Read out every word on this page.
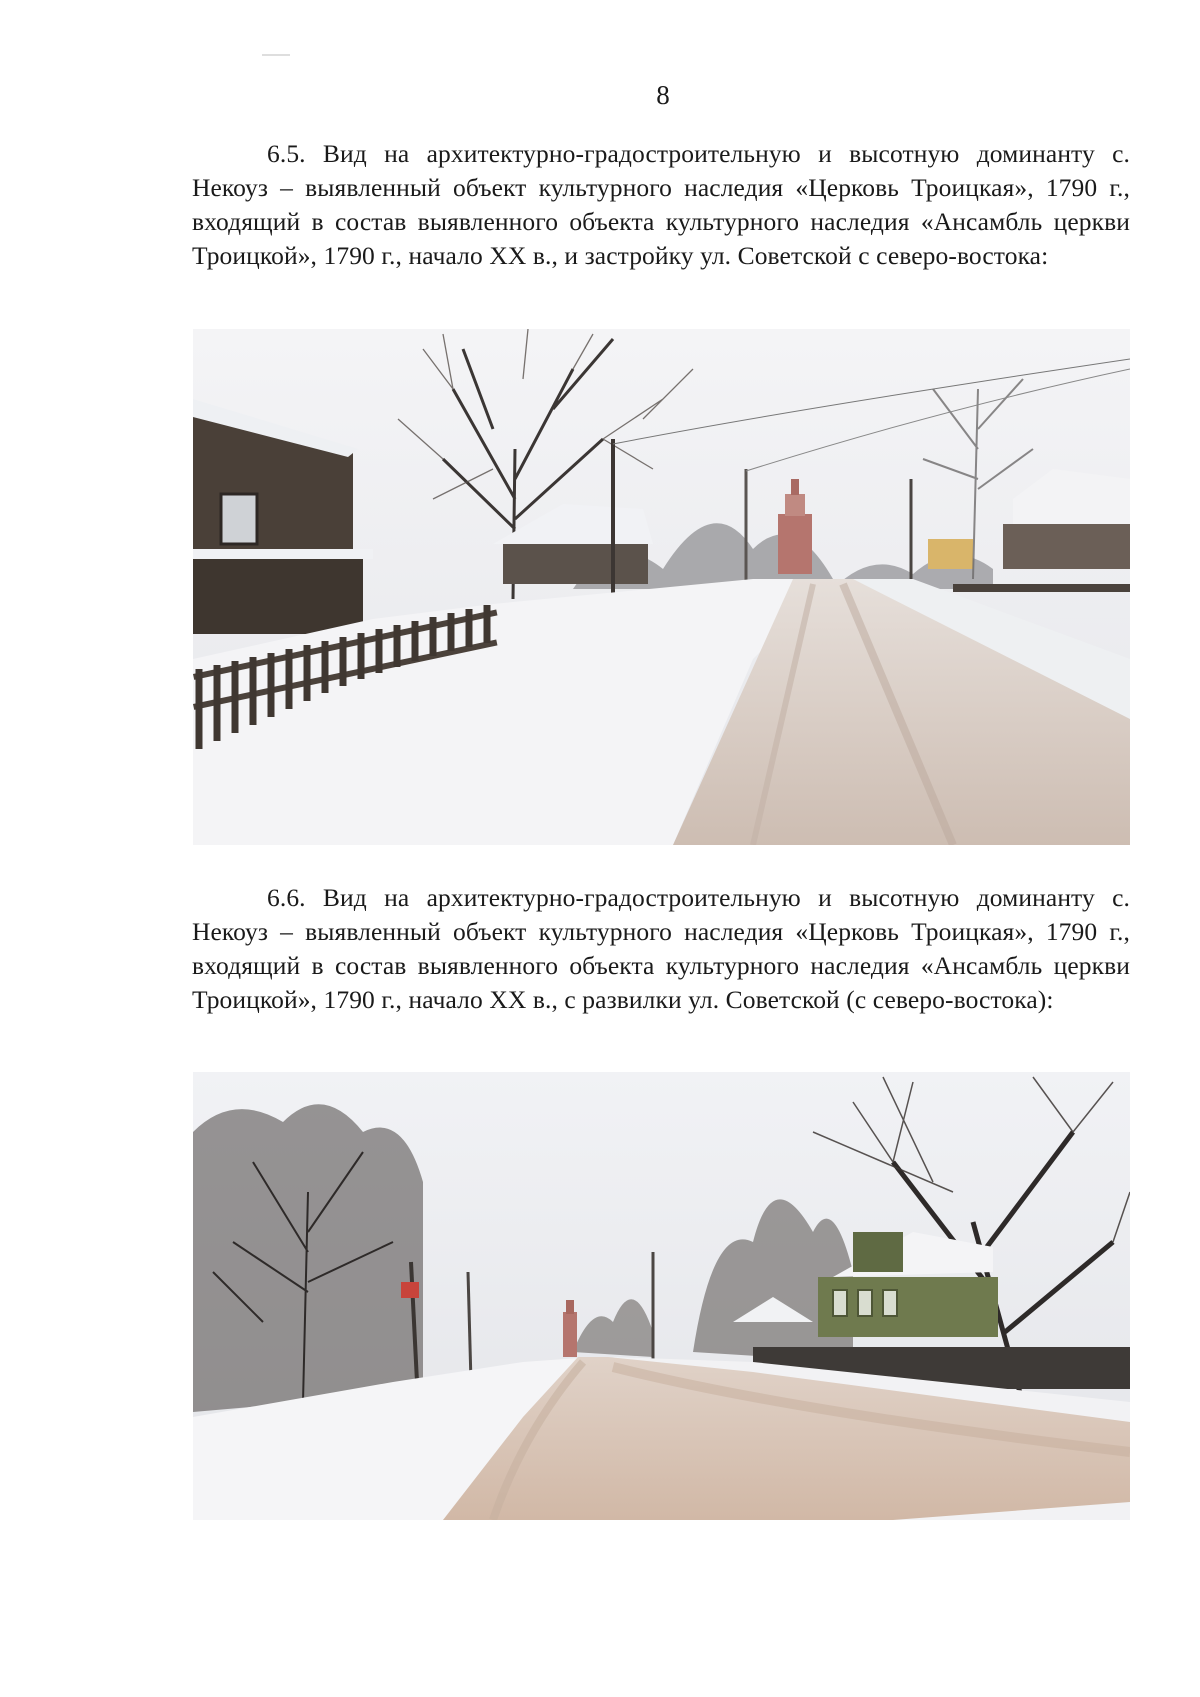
8

6.5. Вид на архитектурно-градостроительную и высотную доминанту с. Некоуз – выявленный объект культурного наследия «Церковь Троицкая», 1790 г., входящий в состав выявленного объекта культурного наследия «Ансамбль церкви Троицкой», 1790 г., начало XX в., и застройку ул. Советской с северо-востока:

6.6. Вид на архитектурно-градостроительную и высотную доминанту с. Некоуз – выявленный объект культурного наследия «Церковь Троицкая», 1790 г., входящий в состав выявленного объекта культурного наследия «Ансамбль церкви Троицкой», 1790 г., начало XX в., с развилки ул. Советской (с северо-востока):
